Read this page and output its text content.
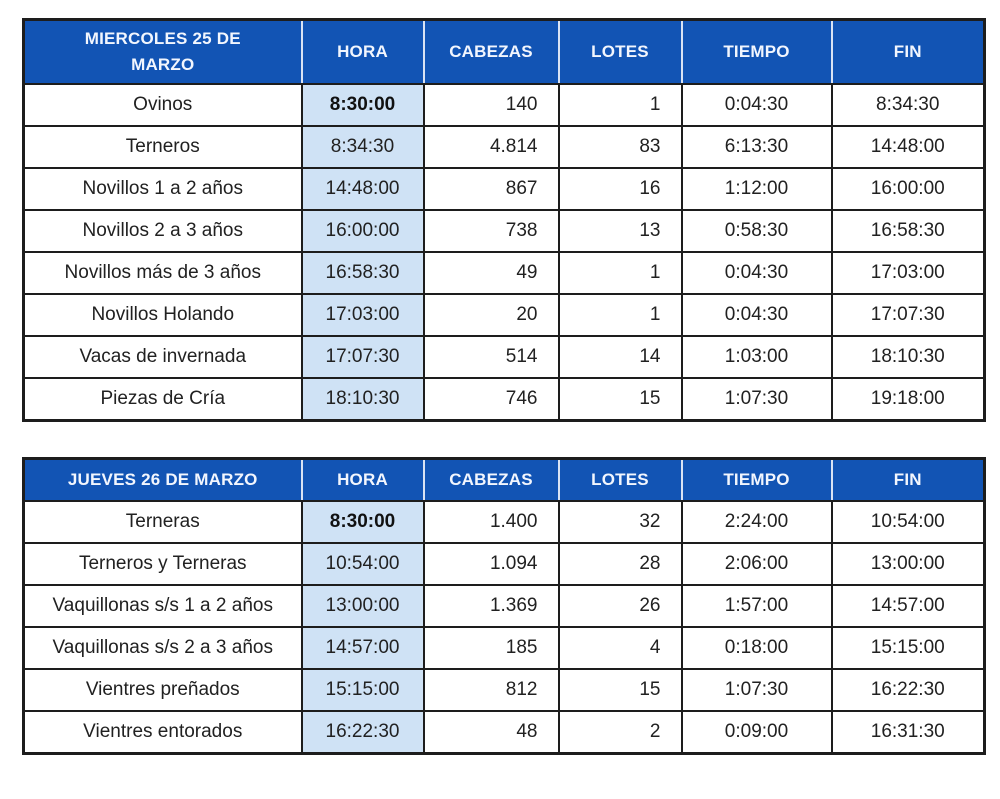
MIERCOLES 25 DE MARZO	HORA	CABEZAS	LOTES	TIEMPO	FIN
Ovinos	8:30:00	140	1	0:04:30	8:34:30
Terneros	8:34:30	4.814	83	6:13:30	14:48:00
Novillos 1 a 2 años	14:48:00	867	16	1:12:00	16:00:00
Novillos 2 a 3 años	16:00:00	738	13	0:58:30	16:58:30
Novillos más de 3 años	16:58:30	49	1	0:04:30	17:03:00
Novillos Holando	17:03:00	20	1	0:04:30	17:07:30
Vacas de invernada	17:07:30	514	14	1:03:00	18:10:30
Piezas de Cría	18:10:30	746	15	1:07:30	19:18:00
JUEVES 26 DE MARZO	HORA	CABEZAS	LOTES	TIEMPO	FIN
Terneras	8:30:00	1.400	32	2:24:00	10:54:00
Terneros y Terneras	10:54:00	1.094	28	2:06:00	13:00:00
Vaquillonas s/s 1 a 2 años	13:00:00	1.369	26	1:57:00	14:57:00
Vaquillonas s/s 2 a 3 años	14:57:00	185	4	0:18:00	15:15:00
Vientres preñados	15:15:00	812	15	1:07:30	16:22:30
Vientres entorados	16:22:30	48	2	0:09:00	16:31:30
